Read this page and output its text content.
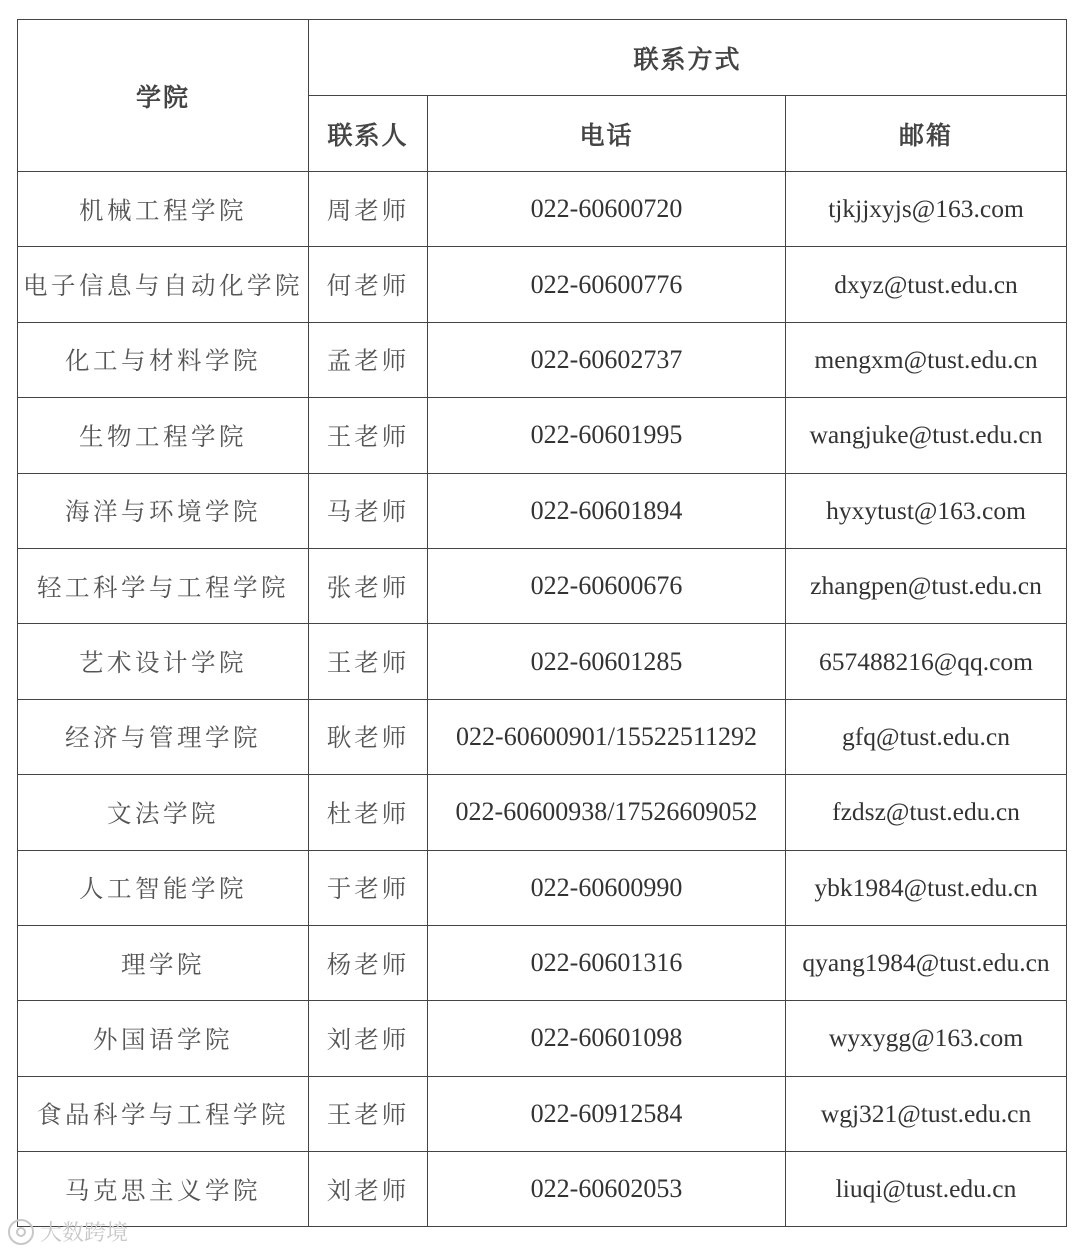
学院	联系方式		
	联系人	电话	邮箱
机械工程学院	周老师	022-60600720	tjkjjxyjs@163.com
电子信息与自动化学院	何老师	022-60600776	dxyz@tust.edu.cn
化工与材料学院	孟老师	022-60602737	mengxm@tust.edu.cn
生物工程学院	王老师	022-60601995	wangjuke@tust.edu.cn
海洋与环境学院	马老师	022-60601894	hyxytust@163.com
轻工科学与工程学院	张老师	022-60600676	zhangpen@tust.edu.cn
艺术设计学院	王老师	022-60601285	657488216@qq.com
经济与管理学院	耿老师	022-60600901/15522511292	gfq@tust.edu.cn
文法学院	杜老师	022-60600938/17526609052	fzdsz@tust.edu.cn
人工智能学院	于老师	022-60600990	ybk1984@tust.edu.cn
理学院	杨老师	022-60601316	qyang1984@tust.edu.cn
外国语学院	刘老师	022-60601098	wyxygg@163.com
食品科学与工程学院	王老师	022-60912584	wgj321@tust.edu.cn
马克思主义学院	刘老师	022-60602053	liuqi@tust.edu.cn
大数跨境
